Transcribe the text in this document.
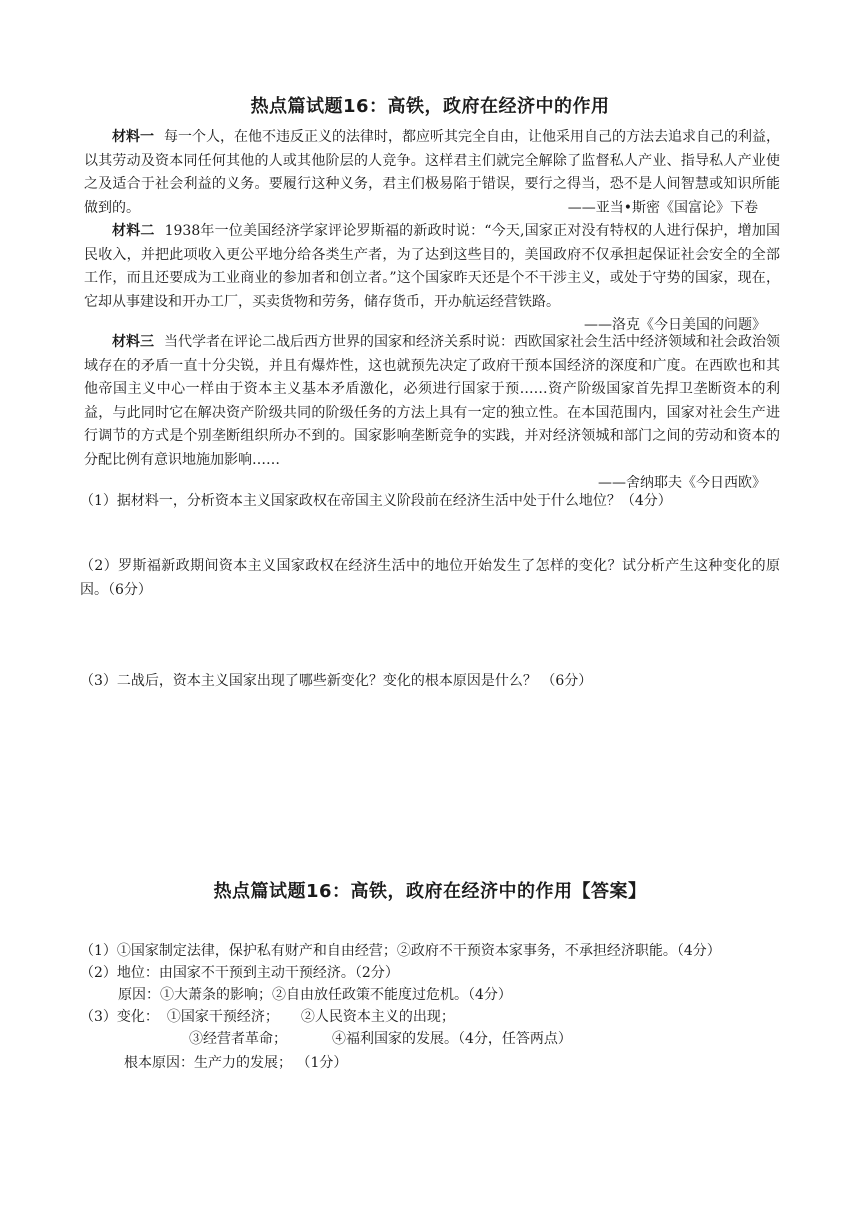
热点篇试题16：高铁，政府在经济中的作用

材料一 每一个人，在他不违反正义的法律时，都应听其完全自由，让他采用自己的方法去追求自己的利益，以其劳动及资本同任何其他的人或其他阶层的人竞争。这样君主们就完全解除了监督私人产业、指导私人产业使之及适合于社会利益的义务。要履行这种义务，君主们极易陷于错误，要行之得当，恐不是人间智慧或知识所能做到的。	——亚当•斯密《国富论》下卷

材料二 1938年一位美国经济学家评论罗斯福的新政时说：“今天,国家正对没有特权的人进行保护，增加国民收入，并把此项收入更公平地分给各类生产者，为了达到这些目的，美国政府不仅承担起保证社会安全的全部工作，而且还要成为工业商业的参加者和创立者。”这个国家昨天还是个不干涉主义，或处于守势的国家，现在，它却从事建设和开办工厂，买卖货物和劳务，储存货币，开办航运经营铁路。

——洛克《今日美国的问题》

材料三 当代学者在评论二战后西方世界的国家和经济关系时说：西欧国家社会生活中经济领域和社会政治领域存在的矛盾一直十分尖锐，并且有爆炸性，这也就预先决定了政府干预本国经济的深度和广度。在西欧也和其他帝国主义中心一样由于资本主义基本矛盾激化，必须进行国家于预……资产阶级国家首先捍卫垄断资本的利益，与此同时它在解决资产阶级共同的阶级任务的方法上具有一定的独立性。在本国范围内，国家对社会生产进行调节的方式是个别垄断组织所办不到的。国家影响垄断竞争的实践，并对经济领城和部门之间的劳动和资本的分配比例有意识地施加影响……

——舍纳耶夫《今日西欧》

（1）据材料一，分析资本主义国家政权在帝国主义阶段前在经济生活中处于什么地位？（4分）

（2）罗斯福新政期间资本主义国家政权在经济生活中的地位开始发生了怎样的变化？试分析产生这种变化的原因。（6分）

（3）二战后，资本主义国家出现了哪些新变化？变化的根本原因是什么？ （6分）

热点篇试题16：高铁，政府在经济中的作用【答案】

（1）①国家制定法律，保护私有财产和自由经营；②政府不干预资本家事务，不承担经济职能。（4分）

（2）地位：由国家不干预到主动干预经济。（2分）

原因：①大萧条的影响；②自由放任政策不能度过危机。（4分）

（3）变化： ①国家干预经济； ②人民资本主义的出现；

③经营者革命；	④福利国家的发展。（4分，任答两点）

根本原因：生产力的发展； （1分）
